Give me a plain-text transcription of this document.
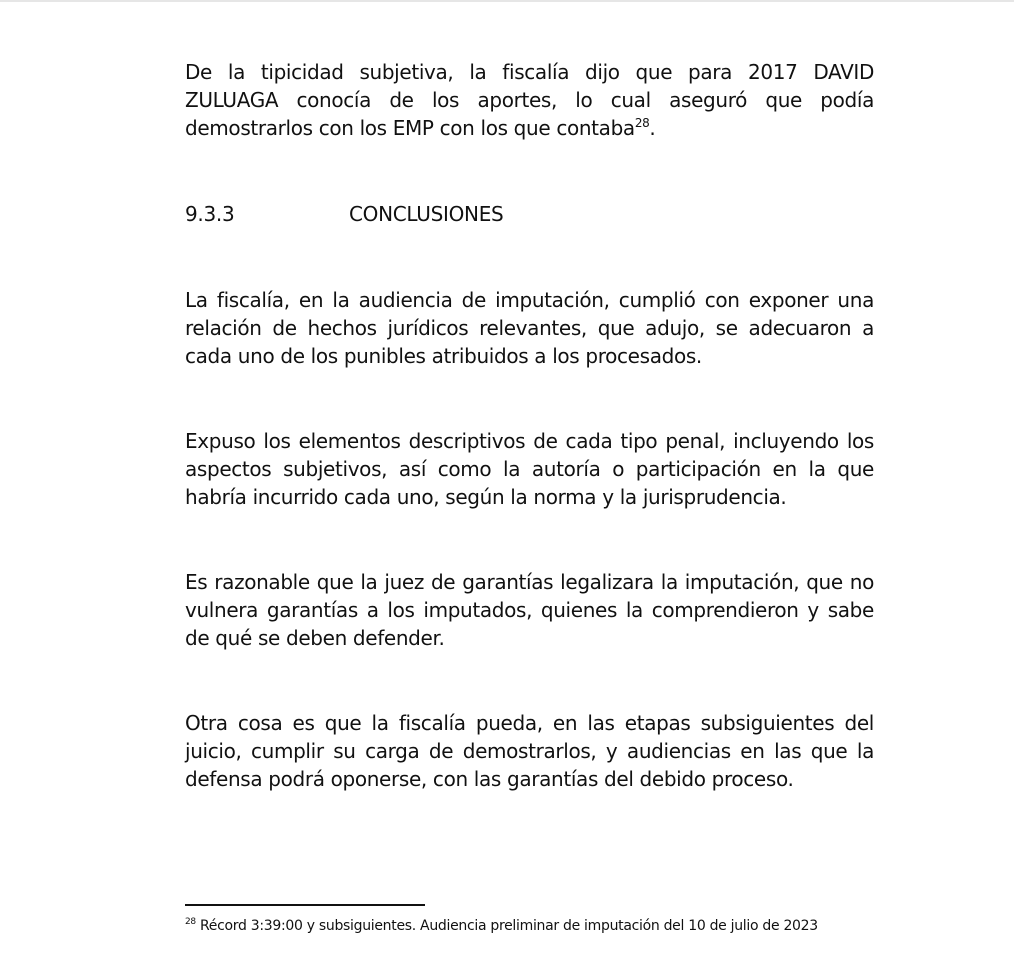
De la tipicidad subjetiva, la fiscalía dijo que para 2017 DAVID ZULUAGA conocía de los aportes, lo cual aseguró que podía demostrarlos con los EMP con los que contaba$^{28}$.

9.3.3	CONCLUSIONES

La fiscalía, en la audiencia de imputación, cumplió con exponer una relación de hechos jurídicos relevantes, que adujo, se adecuaron a cada uno de los punibles atribuidos a los procesados.

Expuso los elementos descriptivos de cada tipo penal, incluyendo los aspectos subjetivos, así como la autoría o participación en la que habría incurrido cada uno, según la norma y la jurisprudencia.

Es razonable que la juez de garantías legalizara la imputación, que no vulnera garantías a los imputados, quienes la comprendieron y sabe de qué se deben defender.

Otra cosa es que la fiscalía pueda, en las etapas subsiguientes del juicio, cumplir su carga de demostrarlos, y audiencias en las que la defensa podrá oponerse, con las garantías del debido proceso.

$^{28}$ Récord 3:39:00 y subsiguientes. Audiencia preliminar de imputación del 10 de julio de 2023
